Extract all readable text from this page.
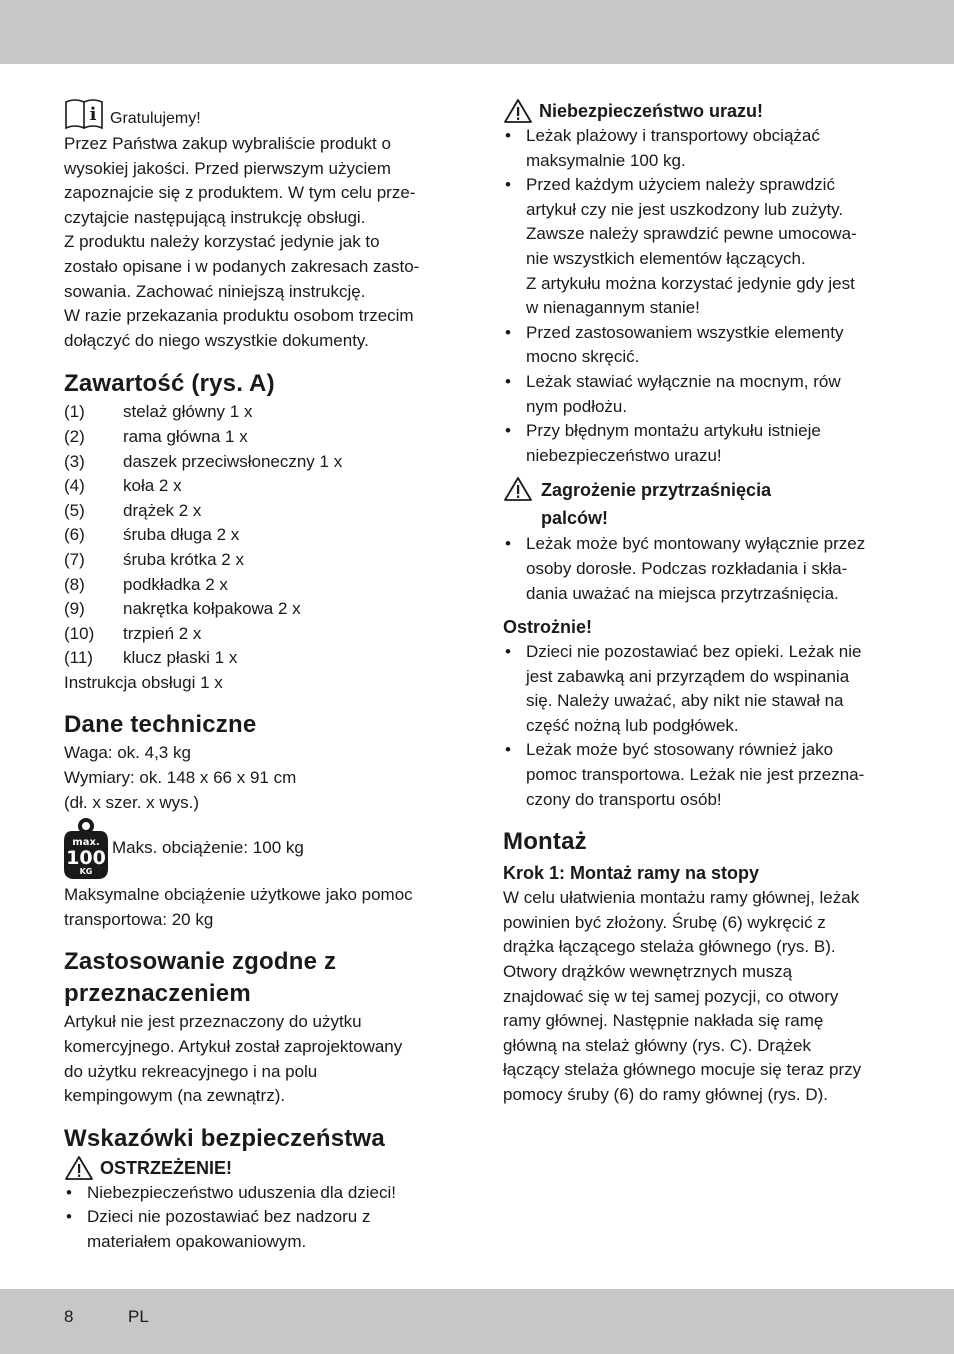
i Gratulujemy!

Przez Państwa zakup wybraliście produkt o
wysokiej jakości. Przed pierwszym użyciem
zapoznajcie się z produktem. W tym celu prze-
czytajcie następującą instrukcję obsługi.
Z produktu należy korzystać jedynie jak to
zostało opisane i w podanych zakresach zasto-
sowania. Zachować niniejszą instrukcję.
W razie przekazania produktu osobom trzecim
dołączyć do niego wszystkie dokumenty.

Zawartość (rys. A)
(1)	stelaż główny 1 x
(2)	rama główna 1 x
(3)	daszek przeciwsłoneczny 1 x
(4)	koła 2 x
(5)	drążek 2 x
(6)	śruba długa 2 x
(7)	śruba krótka 2 x
(8)	podkładka 2 x
(9)	nakrętka kołpakowa 2 x
(10)	trzpień 2 x
(11)	klucz płaski 1 x

Instrukcja obsługi 1 x

Dane techniczne

Waga: ok. 4,3 kg
Wymiary: ok. 148 x 66 x 91 cm
(dł. x szer. x wys.)

max.
100
KG
Maks. obciążenie: 100 kg

Maksymalne obciążenie użytkowe jako pomoc
transportowa: 20 kg

Zastosowanie zgodne z
przeznaczeniem

Artykuł nie jest przeznaczony do użytku
komercyjnego. Artykuł został zaprojektowany
do użytku rekreacyjnego i na polu
kempingowym (na zewnątrz).

Wskazówki bezpieczeństwa
OSTRZEŻENIE!
• Niebezpieczeństwo uduszenia dla dzieci!
• Dzieci nie pozostawiać bez nadzoru z
materiałem opakowaniowym.
Niebezpieczeństwo urazu!
• Leżak plażowy i transportowy obciążać
maksymalnie 100 kg.
• Przed każdym użyciem należy sprawdzić
artykuł czy nie jest uszkodzony lub zużyty.
Zawsze należy sprawdzić pewne umocowa-
nie wszystkich elementów łączących.
Z artykułu można korzystać jedynie gdy jest
w nienagannym stanie!
• Przed zastosowaniem wszystkie elementy
mocno skręcić.
• Leżak stawiać wyłącznie na mocnym, rów
nym podłożu.
• Przy błędnym montażu artykułu istnieje
niebezpieczeństwo urazu!
Zagrożenie przytrzaśnięcia
palców!
• Leżak może być montowany wyłącznie przez
osoby dorosłe. Podczas rozkładania i skła-
dania uważać na miejsca przytrzaśnięcia.
Ostrożnie!
• Dzieci nie pozostawiać bez opieki. Leżak nie
jest zabawką ani przyrządem do wspinania
się. Należy uważać, aby nikt nie stawał na
część nożną lub podgłówek.
• Leżak może być stosowany również jako
pomoc transportowa. Leżak nie jest przezna-
czony do transportu osób!
Montaż
Krok 1: Montaż ramy na stopy

W celu ułatwienia montażu ramy głównej, leżak
powinien być złożony. Śrubę (6) wykręcić z
drążka łączącego stelaża głównego (rys. B).
Otwory drążków wewnętrznych muszą
znajdować się w tej samej pozycji, co otwory
ramy głównej. Następnie nakłada się ramę
główną na stelaż główny (rys. C). Drążek
łączący stelaża głównego mocuje się teraz przy
pomocy śruby (6) do ramy głównej (rys. D).

8	PL
